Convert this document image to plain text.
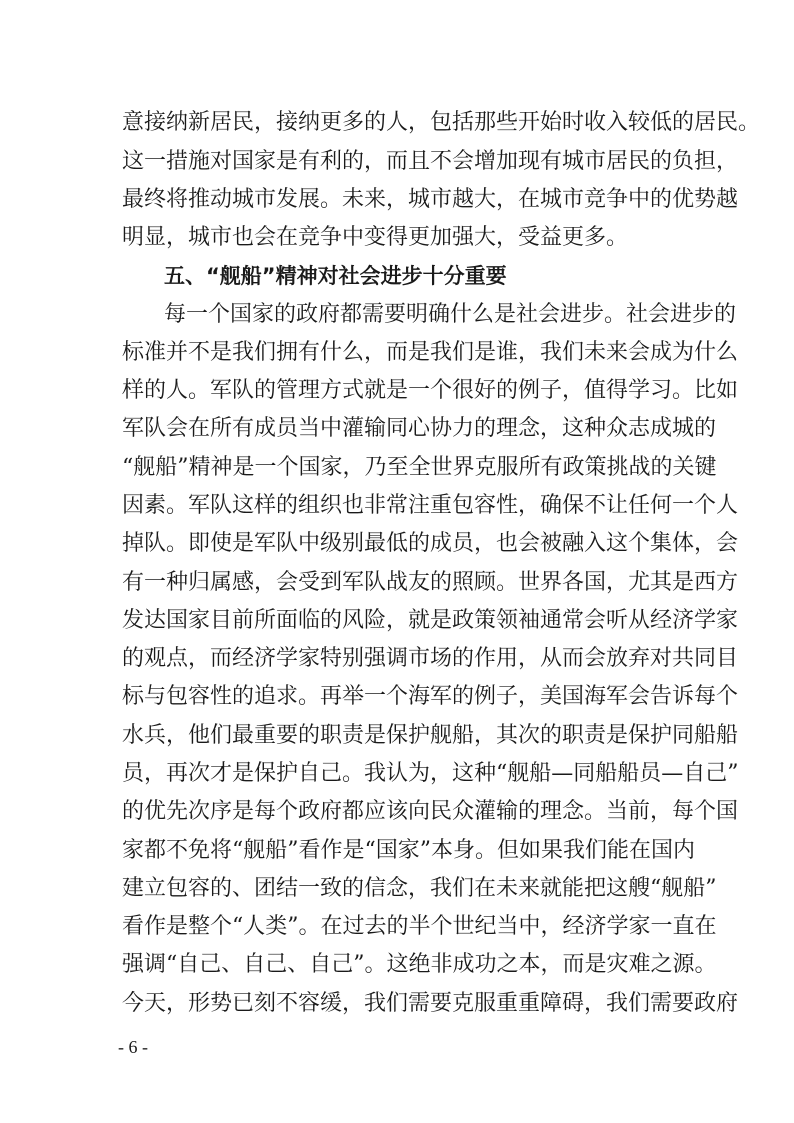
意接纳新居民，接纳更多的人，包括那些开始时收入较低的居民。
这一措施对国家是有利的，而且不会增加现有城市居民的负担，
最终将推动城市发展。未来，城市越大，在城市竞争中的优势越
明显，城市也会在竞争中变得更加强大，受益更多。
五、“舰船”精神对社会进步十分重要
每一个国家的政府都需要明确什么是社会进步。社会进步的
标准并不是我们拥有什么，而是我们是谁，我们未来会成为什么
样的人。军队的管理方式就是一个很好的例子，值得学习。比如
军队会在所有成员当中灌输同心协力的理念，这种众志成城的
“舰船”精神是一个国家，乃至全世界克服所有政策挑战的关键
因素。军队这样的组织也非常注重包容性，确保不让任何一个人
掉队。即使是军队中级别最低的成员，也会被融入这个集体，会
有一种归属感，会受到军队战友的照顾。世界各国，尤其是西方
发达国家目前所面临的风险，就是政策领袖通常会听从经济学家
的观点，而经济学家特别强调市场的作用，从而会放弃对共同目
标与包容性的追求。再举一个海军的例子，美国海军会告诉每个
水兵，他们最重要的职责是保护舰船，其次的职责是保护同船船
员，再次才是保护自己。我认为，这种“舰船—同船船员—自己”
的优先次序是每个政府都应该向民众灌输的理念。当前，每个国
家都不免将“舰船”看作是“国家”本身。但如果我们能在国内
建立包容的、团结一致的信念，我们在未来就能把这艘“舰船”
看作是整个“人类”。在过去的半个世纪当中，经济学家一直在
强调“自己、自己、自己”。这绝非成功之本，而是灾难之源。
今天，形势已刻不容缓，我们需要克服重重障碍，我们需要政府
- 6 -
